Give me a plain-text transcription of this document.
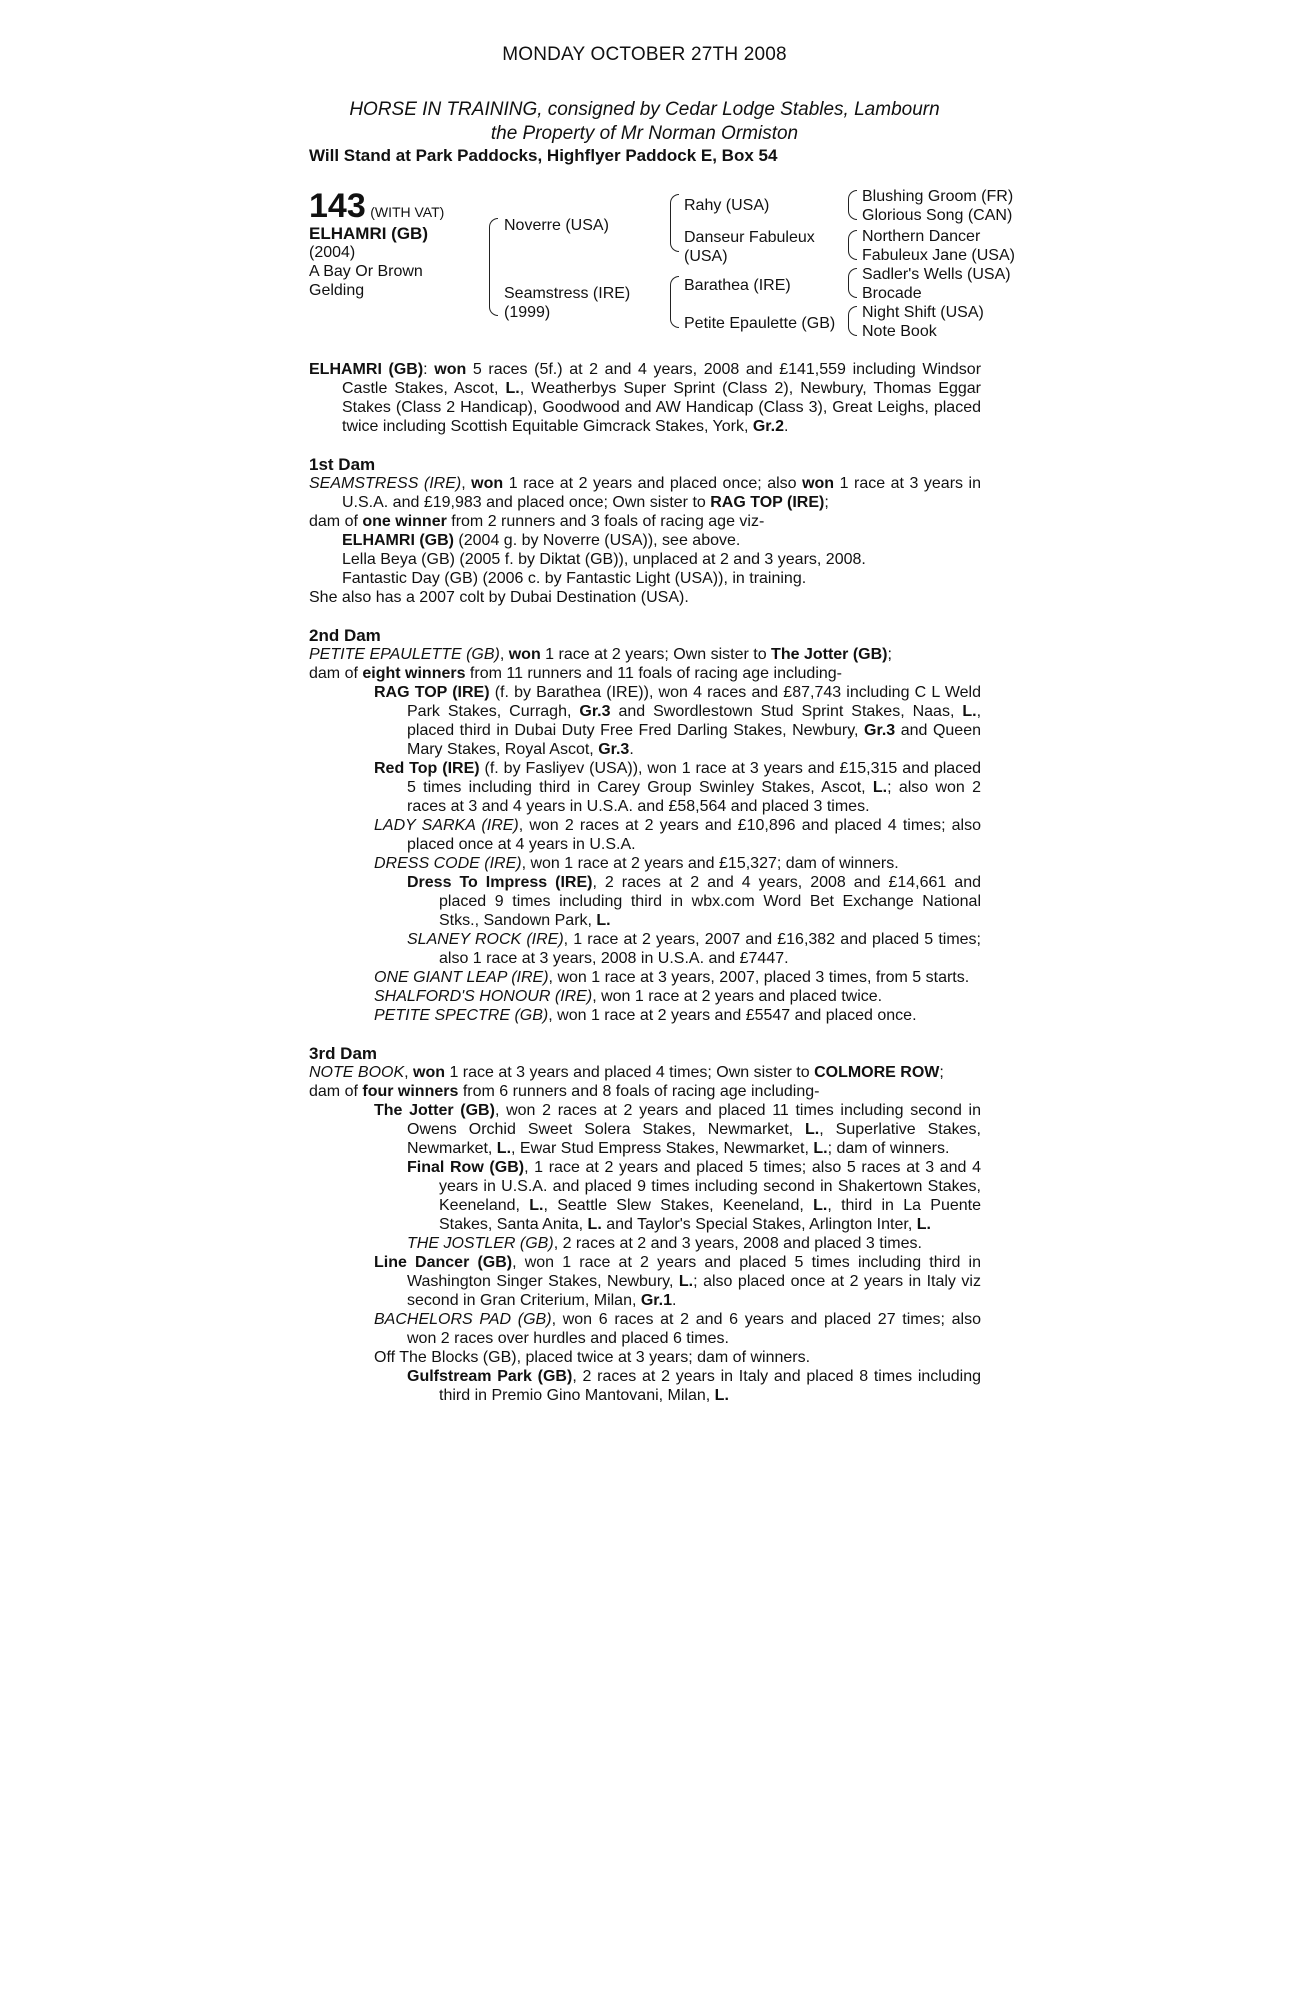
MONDAY OCTOBER 27TH 2008
HORSE IN TRAINING, consigned by Cedar Lodge Stables, Lambourn
the Property of Mr Norman Ormiston
Will Stand at Park Paddocks, Highflyer Paddock E, Box 54
143 (WITH VAT)
ELHAMRI (GB)
(2004)
A Bay Or Brown
Gelding
Noverre (USA)
Seamstress (IRE)
(1999)
Rahy (USA)
Danseur Fabuleux
(USA)
Barathea (IRE)
Petite Epaulette (GB)
Blushing Groom (FR)
Glorious Song (CAN)
Northern Dancer
Fabuleux Jane (USA)
Sadler's Wells (USA)
Brocade
Night Shift (USA)
Note Book

ELHAMRI (GB): won 5 races (5f.) at 2 and 4 years, 2008 and £141,559 including Windsor Castle Stakes, Ascot, L., Weatherbys Super Sprint (Class 2), Newbury, Thomas Eggar Stakes (Class 2 Handicap), Goodwood and AW Handicap (Class 3), Great Leighs, placed twice including Scottish Equitable Gimcrack Stakes, York, Gr.2.

1st Dam

SEAMSTRESS (IRE), won 1 race at 2 years and placed once; also won 1 race at 3 years in U.S.A. and £19,983 and placed once; Own sister to RAG TOP (IRE);

dam of one winner from 2 runners and 3 foals of racing age viz-

ELHAMRI (GB) (2004 g. by Noverre (USA)), see above.

Lella Beya (GB) (2005 f. by Diktat (GB)), unplaced at 2 and 3 years, 2008.

Fantastic Day (GB) (2006 c. by Fantastic Light (USA)), in training.

She also has a 2007 colt by Dubai Destination (USA).

2nd Dam

PETITE EPAULETTE (GB), won 1 race at 2 years; Own sister to The Jotter (GB);

dam of eight winners from 11 runners and 11 foals of racing age including-

RAG TOP (IRE) (f. by Barathea (IRE)), won 4 races and £87,743 including C L Weld Park Stakes, Curragh, Gr.3 and Swordlestown Stud Sprint Stakes, Naas, L., placed third in Dubai Duty Free Fred Darling Stakes, Newbury, Gr.3 and Queen Mary Stakes, Royal Ascot, Gr.3.

Red Top (IRE) (f. by Fasliyev (USA)), won 1 race at 3 years and £15,315 and placed 5 times including third in Carey Group Swinley Stakes, Ascot, L.; also won 2 races at 3 and 4 years in U.S.A. and £58,564 and placed 3 times.

LADY SARKA (IRE), won 2 races at 2 years and £10,896 and placed 4 times; also placed once at 4 years in U.S.A.

DRESS CODE (IRE), won 1 race at 2 years and £15,327; dam of winners.

Dress To Impress (IRE), 2 races at 2 and 4 years, 2008 and £14,661 and placed 9 times including third in wbx.com Word Bet Exchange National Stks., Sandown Park, L.

SLANEY ROCK (IRE), 1 race at 2 years, 2007 and £16,382 and placed 5 times; also 1 race at 3 years, 2008 in U.S.A. and £7447.

ONE GIANT LEAP (IRE), won 1 race at 3 years, 2007, placed 3 times, from 5 starts.

SHALFORD'S HONOUR (IRE), won 1 race at 2 years and placed twice.

PETITE SPECTRE (GB), won 1 race at 2 years and £5547 and placed once.

3rd Dam

NOTE BOOK, won 1 race at 3 years and placed 4 times; Own sister to COLMORE ROW;

dam of four winners from 6 runners and 8 foals of racing age including-

The Jotter (GB), won 2 races at 2 years and placed 11 times including second in Owens Orchid Sweet Solera Stakes, Newmarket, L., Superlative Stakes, Newmarket, L., Ewar Stud Empress Stakes, Newmarket, L.; dam of winners.

Final Row (GB), 1 race at 2 years and placed 5 times; also 5 races at 3 and 4 years in U.S.A. and placed 9 times including second in Shakertown Stakes, Keeneland, L., Seattle Slew Stakes, Keeneland, L., third in La Puente Stakes, Santa Anita, L. and Taylor's Special Stakes, Arlington Inter, L.

THE JOSTLER (GB), 2 races at 2 and 3 years, 2008 and placed 3 times.

Line Dancer (GB), won 1 race at 2 years and placed 5 times including third in Washington Singer Stakes, Newbury, L.; also placed once at 2 years in Italy viz second in Gran Criterium, Milan, Gr.1.

BACHELORS PAD (GB), won 6 races at 2 and 6 years and placed 27 times; also won 2 races over hurdles and placed 6 times.

Off The Blocks (GB), placed twice at 3 years; dam of winners.

Gulfstream Park (GB), 2 races at 2 years in Italy and placed 8 times including third in Premio Gino Mantovani, Milan, L.
